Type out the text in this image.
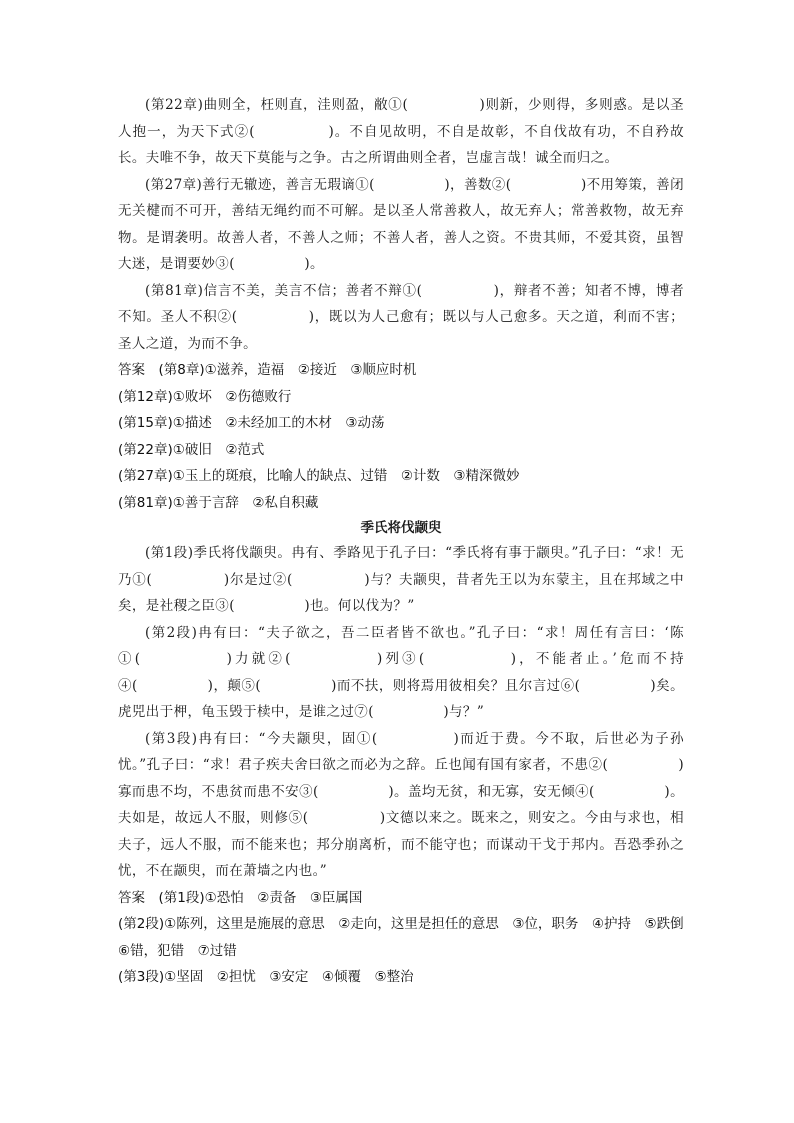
(第22章)曲则全，枉则直，洼则盈，敝①(　　　　　)则新，少则得，多则惑。是以圣人抱一，为天下式②(　　　　　)。不自见故明，不自是故彰，不自伐故有功，不自矜故长。夫唯不争，故天下莫能与之争。古之所谓曲则全者，岂虚言哉！诚全而归之。

(第27章)善行无辙迹，善言无瑕谪①(　　　　　)，善数②(　　　　　)不用筹策，善闭无关楗而不可开，善结无绳约而不可解。是以圣人常善救人，故无弃人；常善救物，故无弃物。是谓袭明。故善人者，不善人之师；不善人者，善人之资。不贵其师，不爱其资，虽智大迷，是谓要妙③(　　　　　)。

(第81章)信言不美，美言不信；善者不辩①(　　　　　)，辩者不善；知者不博，博者不知。圣人不积②(　　　　　)，既以为人己愈有；既以与人己愈多。天之道，利而不害；圣人之道，为而不争。

答案　(第8章)①滋养，造福　②接近　③顺应时机

(第12章)①败坏　②伤德败行

(第15章)①描述　②未经加工的木材　③动荡

(第22章)①破旧　②范式

(第27章)①玉上的斑痕，比喻人的缺点、过错　②计数　③精深微妙

(第81章)①善于言辞　②私自积藏

季氏将伐颛臾

(第1段)季氏将伐颛臾。冉有、季路见于孔子曰：“季氏将有事于颛臾。”孔子曰：“求！无乃①(　　　　　)尔是过②(　　　　　)与？夫颛臾，昔者先王以为东蒙主，且在邦域之中矣，是社稷之臣③(　　　　　)也。何以伐为？”

(第2段)冉有曰：“夫子欲之，吾二臣者皆不欲也。”孔子曰：“求！周任有言曰：‘陈①(　　　　　)力就②(　　　　　)列③(　　　　　)，不能者止。’危而不持④(　　　　　)，颠⑤(　　　　　)而不扶，则将焉用彼相矣？且尔言过⑥(　　　　　)矣。虎兕出于柙，龟玉毁于椟中，是谁之过⑦(　　　　　)与？”

(第3段)冉有曰：“今夫颛臾，固①(　　　　　)而近于费。今不取，后世必为子孙忧。”孔子曰：“求！君子疾夫舍曰欲之而必为之辞。丘也闻有国有家者，不患②(　　　　　)寡而患不均，不患贫而患不安③(　　　　　)。盖均无贫，和无寡，安无倾④(　　　　　)。夫如是，故远人不服，则修⑤(　　　　　)文德以来之。既来之，则安之。今由与求也，相夫子，远人不服，而不能来也；邦分崩离析，而不能守也；而谋动干戈于邦内。吾恐季孙之忧，不在颛臾，而在萧墙之内也。”

答案　(第1段)①恐怕　②责备　③臣属国

(第2段)①陈列，这里是施展的意思　②走向，这里是担任的意思　③位，职务　④护持　⑤跌倒　⑥错，犯错　⑦过错

(第3段)①坚固　②担忧　③安定　④倾覆　⑤整治
